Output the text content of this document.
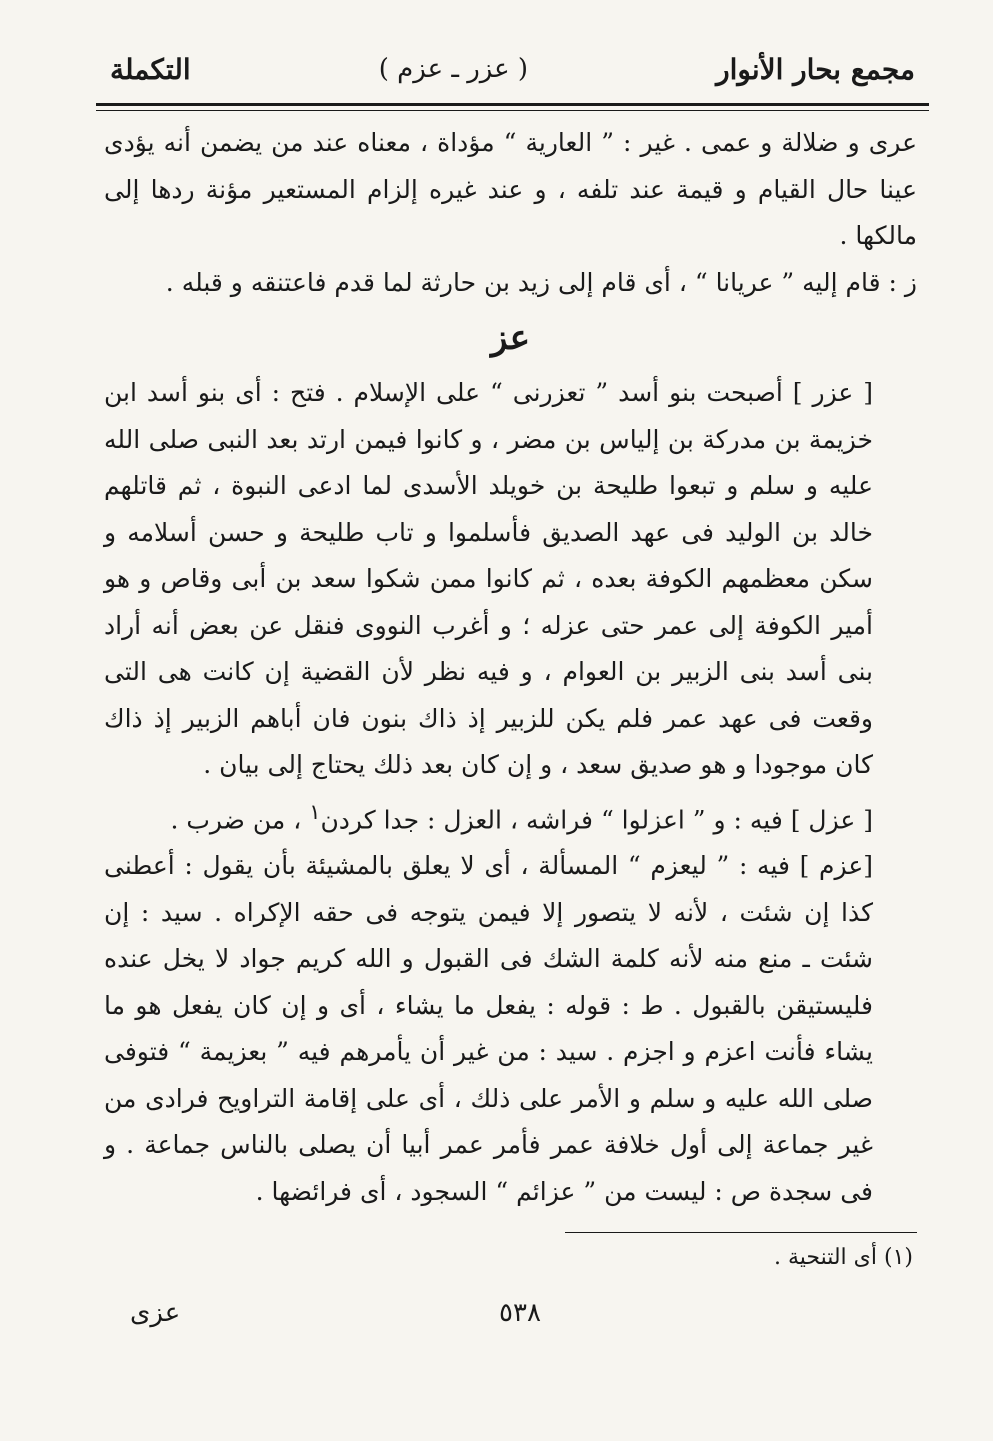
مجمع بحار الأنوار
( عزر ـ عزم )
التكملة

عرى و ضلالة و عمى . غير : ” العارية “ مؤداة ، معناه عند من يضمن أنه يؤدى عينا حال القيام و قيمة عند تلفه ، و عند غيره إلزام المستعير مؤنة ردها إلى مالكها .

ز : قام إليه ” عريانا “ ، أى قام إلى زيد بن حارثة لما قدم فاعتنقه و قبله .

عز

[ عزر ] أصبحت بنو أسد ” تعزرنى “ على الإسلام . فتح : أى بنو أسد ابن خزيمة بن مدركة بن إلياس بن مضر ، و كانوا فيمن ارتد بعد النبى صلى الله عليه و سلم و تبعوا طليحة بن خويلد الأسدى لما ادعى النبوة ، ثم قاتلهم خالد بن الوليد فى عهد الصديق فأسلموا و تاب طليحة و حسن أسلامه و سكن معظمهم الكوفة بعده ، ثم كانوا ممن شكوا سعد بن أبى وقاص و هو أمير الكوفة إلى عمر حتى عزله ؛ و أغرب النووى فنقل عن بعض أنه أراد بنى أسد بنى الزبير بن العوام ، و فيه نظر لأن القضية إن كانت هى التى وقعت فى عهد عمر فلم يكن للزبير إذ ذاك بنون فان أباهم الزبير إذ ذاك كان موجودا و هو صديق سعد ، و إن كان بعد ذلك يحتاج إلى بيان .

[ عزل ] فيه : و ” اعزلوا “ فراشه ، العزل : جدا كردن$^١$ ، من ضرب .

[عزم ] فيه : ” ليعزم “ المسألة ، أى لا يعلق بالمشيئة بأن يقول : أعطنى كذا إن شئت ، لأنه لا يتصور إلا فيمن يتوجه فى حقه الإكراه . سيد : إن شئت ـ منع منه لأنه كلمة الشك فى القبول و الله كريم جواد لا يخل عنده فليستيقن بالقبول . ط : قوله : يفعل ما يشاء ، أى و إن كان يفعل هو ما يشاء فأنت اعزم و اجزم . سيد : من غير أن يأمرهم فيه ” بعزيمة “ فتوفى صلى الله عليه و سلم و الأمر على ذلك ، أى على إقامة التراويح فرادى من غير جماعة إلى أول خلافة عمر فأمر عمر أبيا أن يصلى بالناس جماعة . و فى سجدة ص : ليست من ” عزائم “ السجود ، أى فرائضها .

(١) أى التنحية .
عزى	٥٣٨
